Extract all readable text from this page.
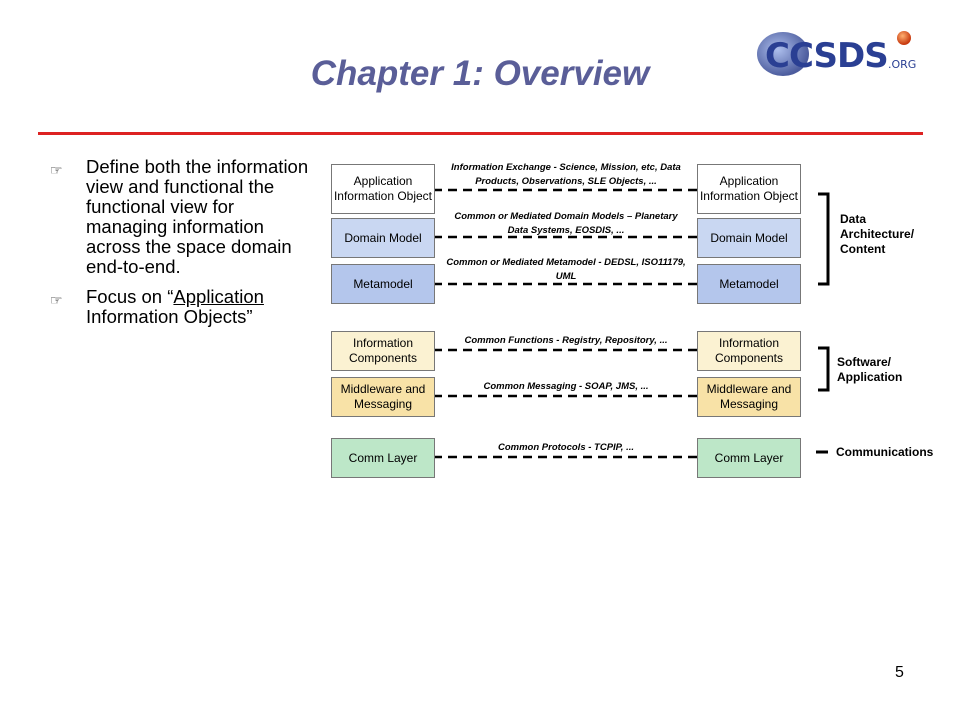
Chapter 1: Overview	CCSDS .ORG
☞ Define both the information view and functional the functional view for managing information across the space domain end-to-end.
☞ Focus on “Application Information Objects”
Application Information Object
Domain Model
Metamodel
Information Components
Middleware and Messaging
Comm Layer
Application Information Object
Domain Model
Metamodel
Information Components
Middleware and Messaging
Comm Layer
Information Exchange - Science, Mission, etc, Data Products, Observations, SLE Objects, ...
Common or Mediated Domain Models – Planetary Data Systems, EOSDIS, ...
Common or Mediated Metamodel - DEDSL, ISO11179, UML
Common Functions - Registry, Repository, ...
Common Messaging - SOAP, JMS, ...
Common Protocols - TCPIP, ...
Data Architecture/ Content
Software/ Application
Communications
5
